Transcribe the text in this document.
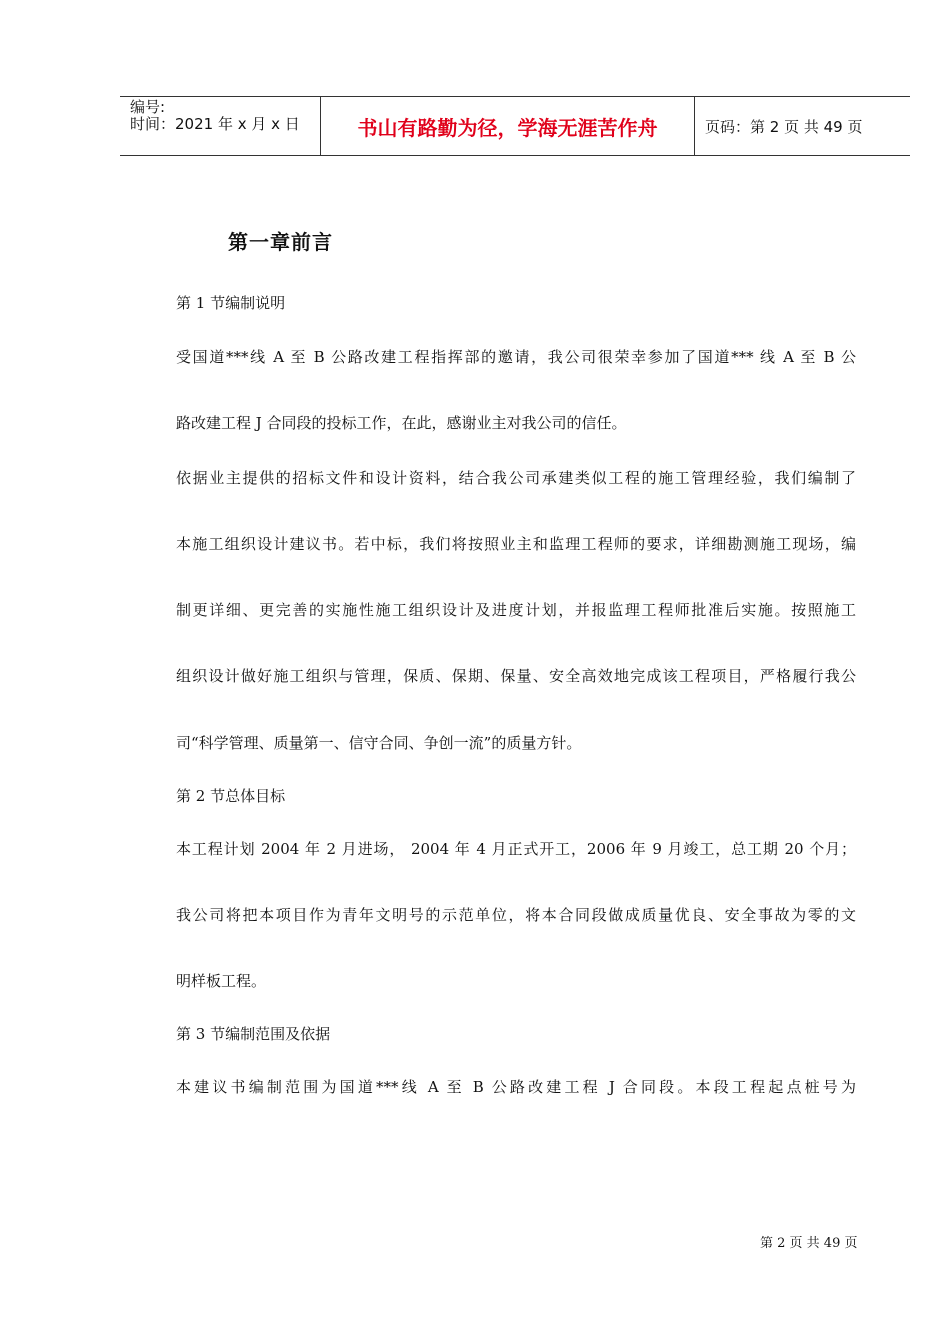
编号:
时间：2021 年 x 月 x 日	书山有路勤为径，学海无涯苦作舟	页码：第 2 页 共 49 页
第一章前言
第 1 节编制说明
受国道***线 A 至 B 公路改建工程指挥部的邀请，我公司很荣幸参加了国道*** 线 A 至 B 公
路改建工程 J 合同段的投标工作，在此，感谢业主对我公司的信任。
依据业主提供的招标文件和设计资料，结合我公司承建类似工程的施工管理经验，我们编制了
本施工组织设计建议书。若中标，我们将按照业主和监理工程师的要求，详细勘测施工现场，编
制更详细、更完善的实施性施工组织设计及进度计划，并报监理工程师批准后实施。按照施工
组织设计做好施工组织与管理，保质、保期、保量、安全高效地完成该工程项目，严格履行我公
司“科学管理、质量第一、信守合同、争创一流”的质量方针。
第 2 节总体目标
本工程计划 2004 年 2 月进场， 2004 年 4 月正式开工，2006 年 9 月竣工，总工期 20 个月；
我公司将把本项目作为青年文明号的示范单位，将本合同段做成质量优良、安全事故为零的文
明样板工程。
第 3 节编制范围及依据
本建议书编制范围为国道***线 A 至 B 公路改建工程 J 合同段。本段工程起点桩号为
第 2 页 共 49 页
